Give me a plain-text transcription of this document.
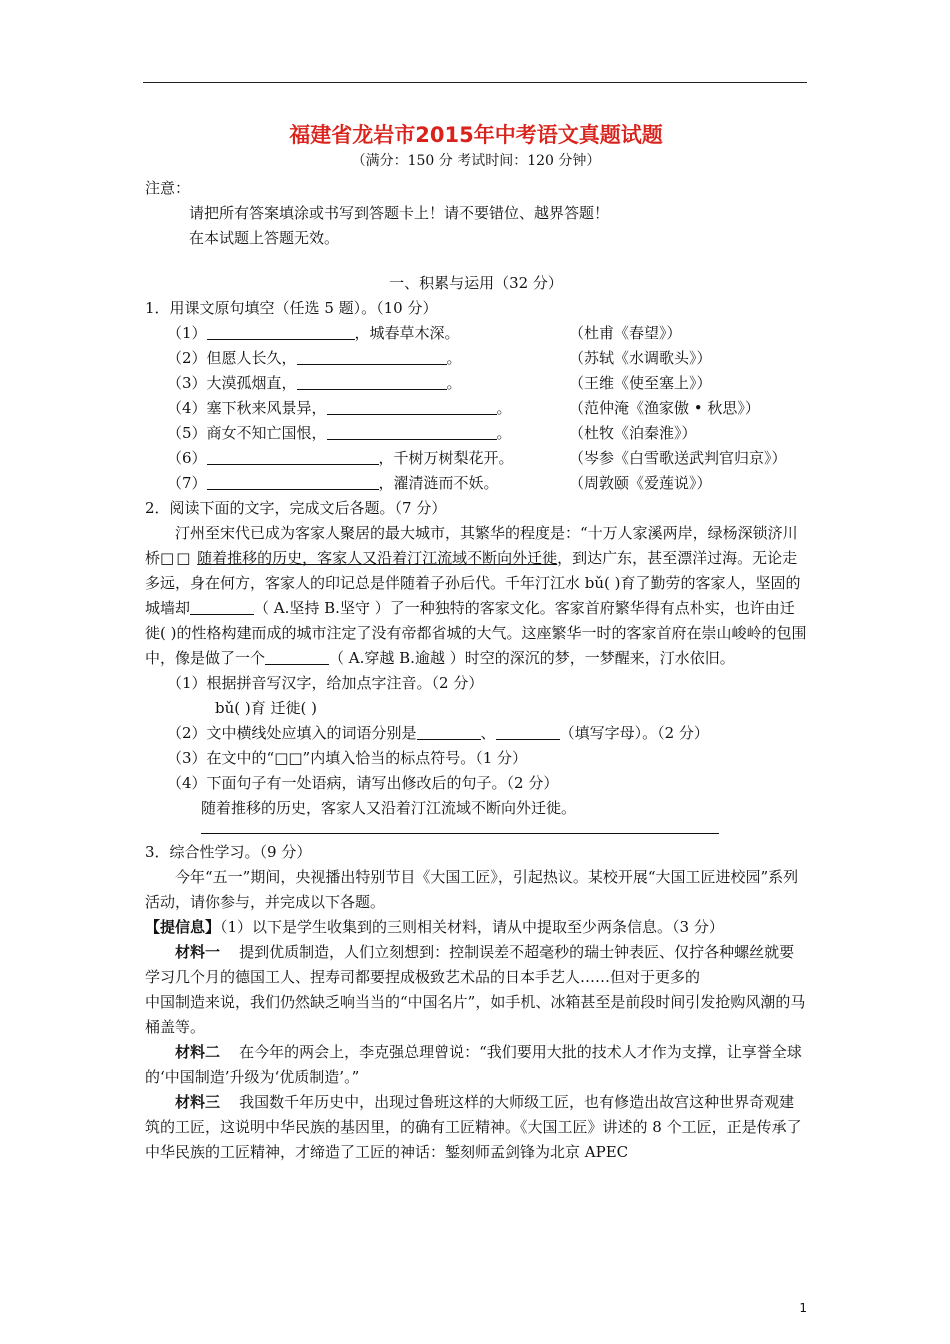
福建省龙岩市2015年中考语文真题试题
（满分：150 分 考试时间：120 分钟）

注意：

请把所有答案填涂或书写到答题卡上！请不要错位、越界答题！

在本试题上答题无效。

一、积累与运用（32 分）

1．用课文原句填空（任选 5 题）。（10 分）

（1）	，城春草木深。	（杜甫《春望》）
（2）但愿人长久，	。	（苏轼《水调歌头》）
（3）大漠孤烟直，	。	（王维《使至塞上》）
（4）塞下秋来风景异，	。	（范仲淹《渔家傲 • 秋思》）
（5）商女不知亡国恨，	。	（杜牧《泊秦淮》）
（6）	，千树万树梨花开。	（岑参《白雪歌送武判官归京》）
（7）	，濯清涟而不妖。	（周敦颐《爱莲说》）

2．阅读下面的文字，完成文后各题。（7 分）

汀州至宋代已成为客家人聚居的最大城市，其繁华的程度是：“十万人家溪两岸，绿杨深锁济川桥□□ 随着推移的历史，客家人又沿着汀江流域不断向外迁徙，到达广东，甚至漂洋过海。无论走多远，身在何方，客家人的印记总是伴随着子孙后代。千年汀江水 bǔ( )育了勤劳的客家人，坚固的城墙却	（ A.坚持 B.坚守 ）了一种独特的客家文化。客家首府繁华得有点朴实，也许由迁徙( )的性格构建而成的城市注定了没有帝都省城的大气。这座繁华一时的客家首府在崇山峻岭的包围中，像是做了一个	（ A.穿越 B.逾越 ）时空的深沉的梦，一梦醒来，汀水依旧。

（1）根据拼音写汉字，给加点字注音。（2 分）

bǔ( )育 迁徙( )

（2）文中横线处应填入的词语分别是	、	（填写字母）。（2 分）

（3）在文中的“□□”内填入恰当的标点符号。（1 分）

（4）下面句子有一处语病，请写出修改后的句子。（2 分）

随着推移的历史，客家人又沿着汀江流域不断向外迁徙。

3．综合性学习。（9 分）

今年“五一”期间，央视播出特别节目《大国工匠》，引起热议。某校开展“大国工匠进校园”系列活动，请你参与，并完成以下各题。

【提信息】（1）以下是学生收集到的三则相关材料，请从中提取至少两条信息。（3 分）

材料一 提到优质制造，人们立刻想到：控制误差不超毫秒的瑞士钟表匠、仅拧各种螺丝就要学习几个月的德国工人、捏寿司都要捏成极致艺术品的日本手艺人……但对于更多的

中国制造来说，我们仍然缺乏响当当的“中国名片”，如手机、冰箱甚至是前段时间引发抢购风潮的马桶盖等。

材料二 在今年的两会上，李克强总理曾说：“我们要用大批的技术人才作为支撑，让享誉全球的‘中国制造’升级为‘优质制造’。”

材料三 我国数千年历史中，出现过鲁班这样的大师级工匠，也有修造出故宫这种世界奇观建筑的工匠，这说明中华民族的基因里，的确有工匠精神。《大国工匠》讲述的 8 个工匠，正是传承了中华民族的工匠精神，才缔造了工匠的神话：錾刻师孟剑锋为北京 APEC

1
